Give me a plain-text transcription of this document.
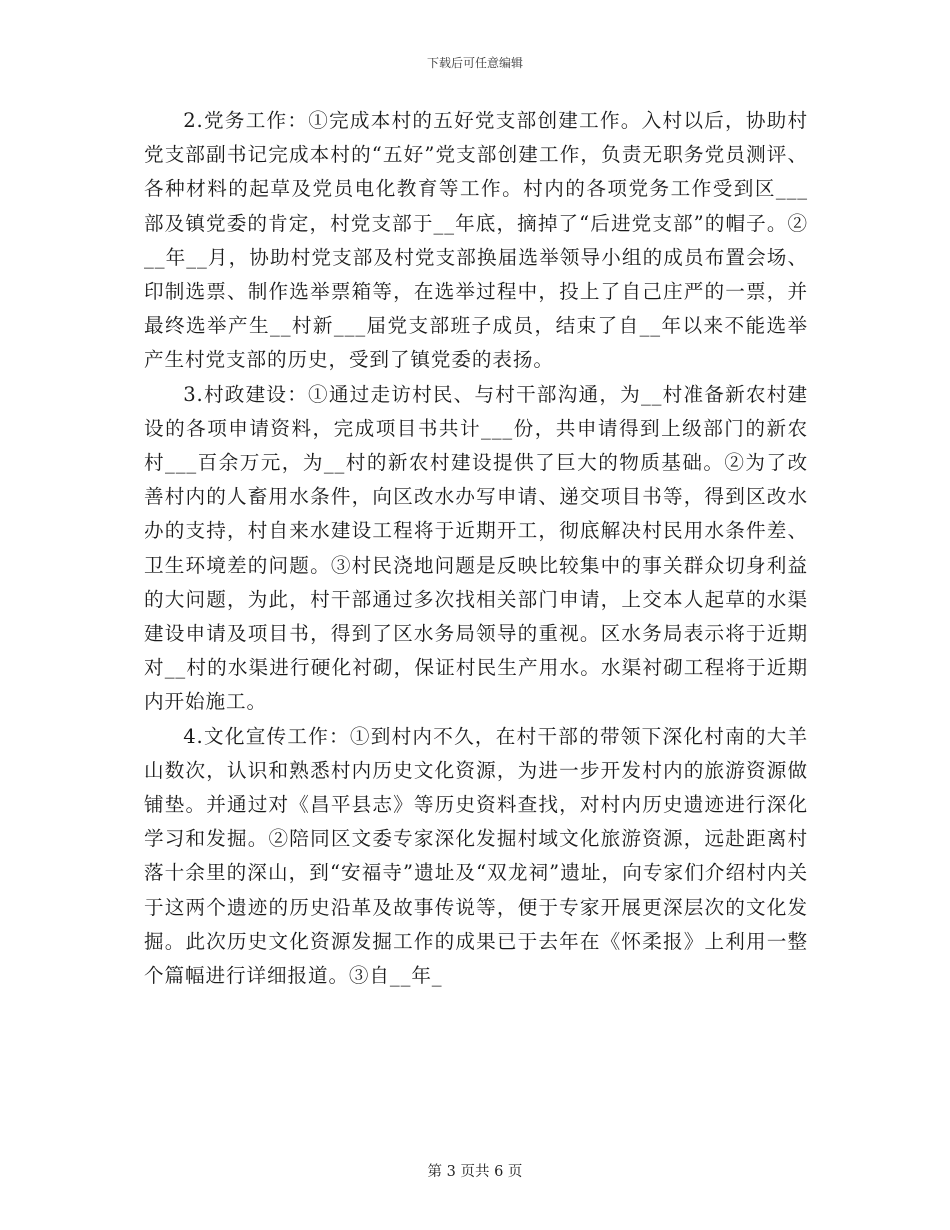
下载后可任意编辑

2.党务工作：①完成本村的五好党支部创建工作。入村以后，协助村党支部副书记完成本村的“五好”党支部创建工作，负责无职务党员测评、各种材料的起草及党员电化教育等工作。村内的各项党务工作受到区___部及镇党委的肯定，村党支部于__年底，摘掉了“后进党支部”的帽子。②__年__月，协助村党支部及村党支部换届选举领导小组的成员布置会场、印制选票、制作选举票箱等，在选举过程中，投上了自己庄严的一票，并最终选举产生__村新___届党支部班子成员，结束了自__年以来不能选举产生村党支部的历史，受到了镇党委的表扬。

3.村政建设：①通过走访村民、与村干部沟通，为__村准备新农村建设的各项申请资料，完成项目书共计___份，共申请得到上级部门的新农村___百余万元，为__村的新农村建设提供了巨大的物质基础。②为了改善村内的人畜用水条件，向区改水办写申请、递交项目书等，得到区改水办的支持，村自来水建设工程将于近期开工，彻底解决村民用水条件差、卫生环境差的问题。③村民浇地问题是反映比较集中的事关群众切身利益的大问题，为此，村干部通过多次找相关部门申请，上交本人起草的水渠建设申请及项目书，得到了区水务局领导的重视。区水务局表示将于近期对__村的水渠进行硬化衬砌，保证村民生产用水。水渠衬砌工程将于近期内开始施工。

4.文化宣传工作：①到村内不久，在村干部的带领下深化村南的大羊山数次，认识和熟悉村内历史文化资源，为进一步开发村内的旅游资源做铺垫。并通过对《昌平县志》等历史资料查找，对村内历史遗迹进行深化学习和发掘。②陪同区文委专家深化发掘村域文化旅游资源，远赴距离村落十余里的深山，到“安福寺”遗址及“双龙祠”遗址，向专家们介绍村内关于这两个遗迹的历史沿革及故事传说等，便于专家开展更深层次的文化发掘。此次历史文化资源发掘工作的成果已于去年在《怀柔报》上利用一整个篇幅进行详细报道。③自__年_

第 3 页共 6 页
